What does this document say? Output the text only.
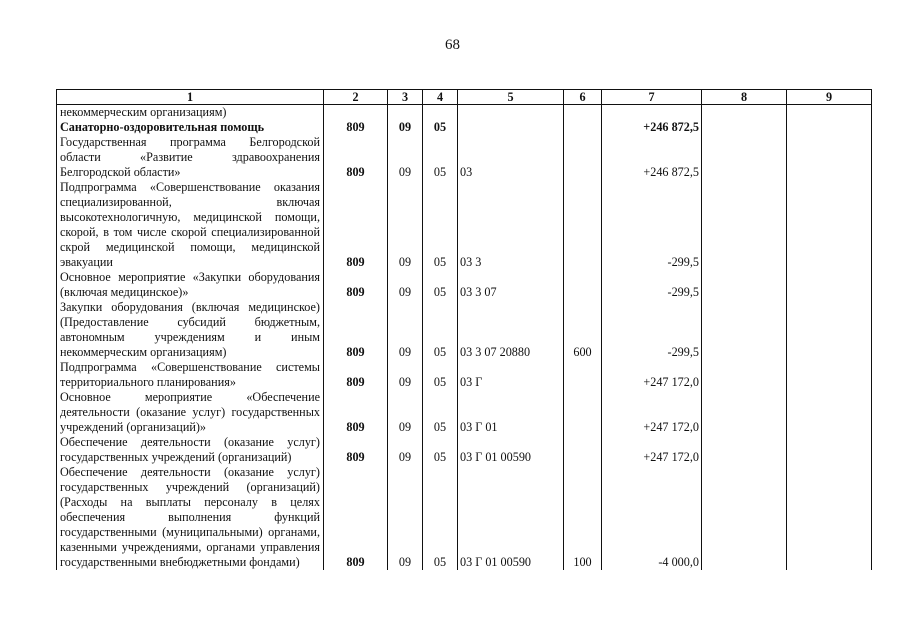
68
1	2	3	4	5	6	7	8	9
некоммерческим организациям)								
Санаторно-оздоровительная помощь	809	09	05			+246 872,5		
Государственная программа Белгородской области «Развитие здравоохранения Белгородской области»	809	09	05	03		+246 872,5		
Подпрограмма «Совершенствование оказания специализированной, включая высокотехнологичную, медицинской помощи, скорой, в том числе скорой специализированной скрой медицинской помощи, медицинской эвакуации	809	09	05	03 3		-299,5		
Основное мероприятие «Закупки оборудования (включая медицинское)»	809	09	05	03 3 07		-299,5		
Закупки оборудования (включая медицинское) (Предоставление субсидий бюджетным, автономным учреждениям и иным некоммерческим организациям)	809	09	05	03 3 07 20880	600	-299,5		
Подпрограмма «Совершенствование системы территориального планирования»	809	09	05	03 Г		+247 172,0		
Основное мероприятие «Обеспечение деятельности (оказание услуг) государственных учреждений (организаций)»	809	09	05	03 Г 01		+247 172,0		
Обеспечение деятельности (оказание услуг) государственных учреждений (организаций)	809	09	05	03 Г 01 00590		+247 172,0		
Обеспечение деятельности (оказание услуг) государственных учреждений (организаций) (Расходы на выплаты персоналу в целях обеспечения выполнения функций государственными (муниципальными) органами, казенными учреждениями, органами управления государственными внебюджетными фондами)	809	09	05	03 Г 01 00590	100	-4 000,0		
